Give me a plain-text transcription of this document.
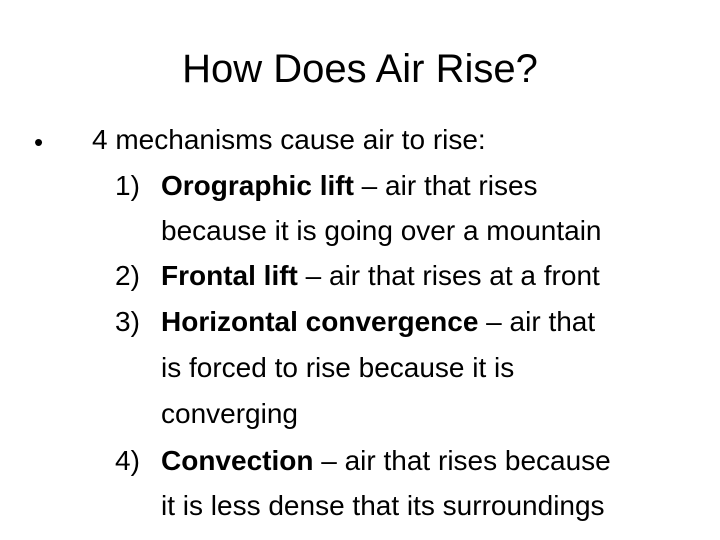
How Does Air Rise?
• 4 mechanisms cause air to rise:
1) Orographic lift – air that rises
because it is going over a mountain
2) Frontal lift – air that rises at a front
3) Horizontal convergence – air that
is forced to rise because it is
converging
4) Convection – air that rises because
it is less dense that its surroundings
